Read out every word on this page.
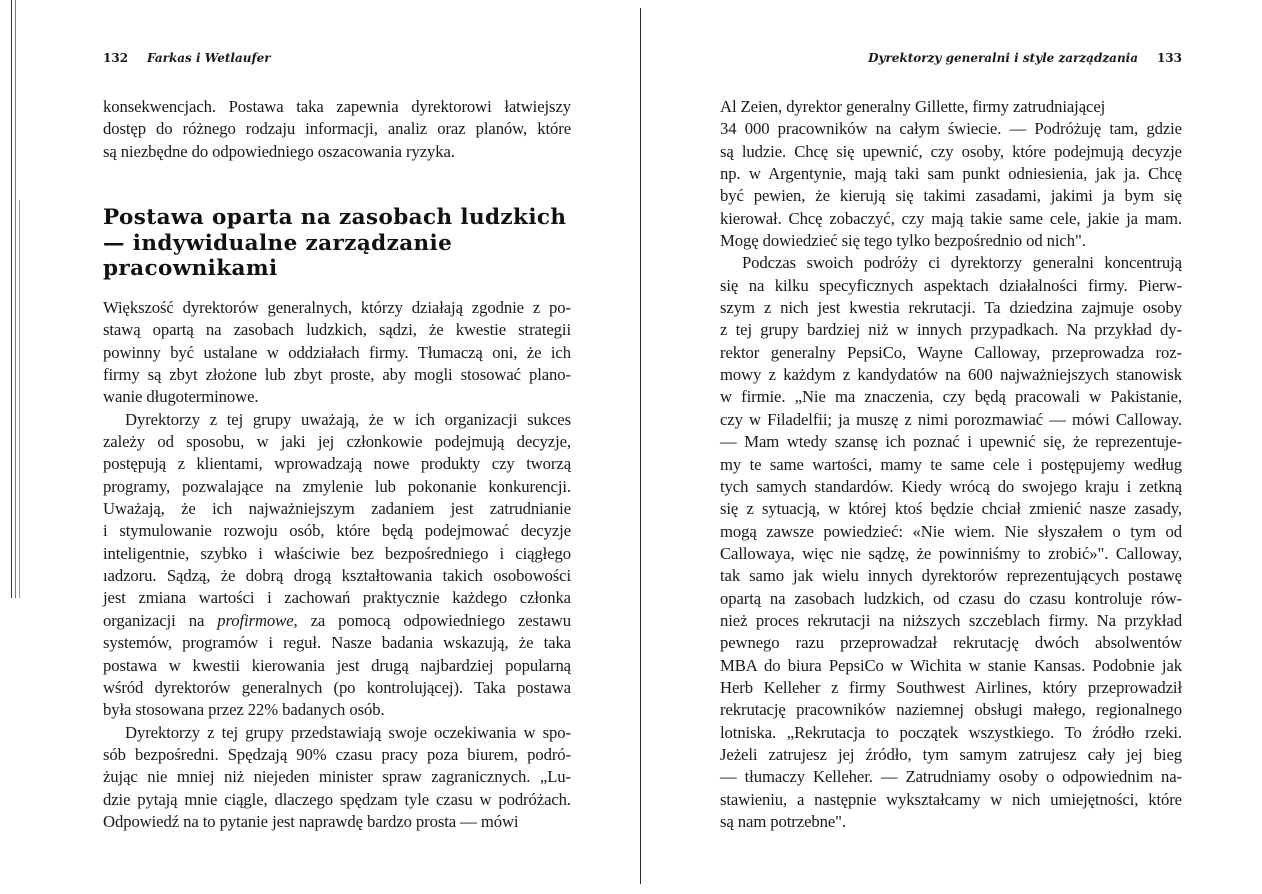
132 Farkas i Wetlaufer
konsekwencjach. Postawa taka zapewnia dyrektorowi łatwiejszy
dostęp do różnego rodzaju informacji, analiz oraz planów, które
są niezbędne do odpowiedniego oszacowania ryzyka.
Postawa oparta na zasobach ludzkich
— indywidualne zarządzanie
pracownikami
Większość dyrektorów generalnych, którzy działają zgodnie z po-
stawą opartą na zasobach ludzkich, sądzi, że kwestie strategii
powinny być ustalane w oddziałach firmy. Tłumaczą oni, że ich
firmy są zbyt złożone lub zbyt proste, aby mogli stosować plano-
wanie długoterminowe.
Dyrektorzy z tej grupy uważają, że w ich organizacji sukces
zależy od sposobu, w jaki jej członkowie podejmują decyzje,
postępują z klientami, wprowadzają nowe produkty czy tworzą
programy, pozwalające na zmylenie lub pokonanie konkurencji.
Uważają, że ich najważniejszym zadaniem jest zatrudnianie
i stymulowanie rozwoju osób, które będą podejmować decyzje
inteligentnie, szybko i właściwie bez bezpośredniego i ciągłego
ıadzoru. Sądzą, że dobrą drogą kształtowania takich osobowości
jest zmiana wartości i zachowań praktycznie każdego członka
organizacji na profirmowe, za pomocą odpowiedniego zestawu
systemów, programów i reguł. Nasze badania wskazują, że taka
postawa w kwestii kierowania jest drugą najbardziej popularną
wśród dyrektorów generalnych (po kontrolującej). Taka postawa
była stosowana przez 22% badanych osób.
Dyrektorzy z tej grupy przedstawiają swoje oczekiwania w spo-
sób bezpośredni. Spędzają 90% czasu pracy poza biurem, podró-
żując nie mniej niż niejeden minister spraw zagranicznych. „Lu-
dzie pytają mnie ciągle, dlaczego spędzam tyle czasu w podróżach.
Odpowiedź na to pytanie jest naprawdę bardzo prosta — mówi
Dyrektorzy generalni i style zarządzania 133
Al Zeien, dyrektor generalny Gillette, firmy zatrudniającej
34 000 pracowników na całym świecie. — Podróżuję tam, gdzie
są ludzie. Chcę się upewnić, czy osoby, które podejmują decyzje
np. w Argentynie, mają taki sam punkt odniesienia, jak ja. Chcę
być pewien, że kierują się takimi zasadami, jakimi ja bym się
kierował. Chcę zobaczyć, czy mają takie same cele, jakie ja mam.
Mogę dowiedzieć się tego tylko bezpośrednio od nich".
Podczas swoich podróży ci dyrektorzy generalni koncentrują
się na kilku specyficznych aspektach działalności firmy. Pierw-
szym z nich jest kwestia rekrutacji. Ta dziedzina zajmuje osoby
z tej grupy bardziej niż w innych przypadkach. Na przykład dy-
rektor generalny PepsiCo, Wayne Calloway, przeprowadza roz-
mowy z każdym z kandydatów na 600 najważniejszych stanowisk
w firmie. „Nie ma znaczenia, czy będą pracowali w Pakistanie,
czy w Filadelfii; ja muszę z nimi porozmawiać — mówi Calloway.
— Mam wtedy szansę ich poznać i upewnić się, że reprezentuje-
my te same wartości, mamy te same cele i postępujemy według
tych samych standardów. Kiedy wrócą do swojego kraju i zetkną
się z sytuacją, w której ktoś będzie chciał zmienić nasze zasady,
mogą zawsze powiedzieć: «Nie wiem. Nie słyszałem o tym od
Callowaya, więc nie sądzę, że powinniśmy to zrobić»". Calloway,
tak samo jak wielu innych dyrektorów reprezentujących postawę
opartą na zasobach ludzkich, od czasu do czasu kontroluje rów-
nież proces rekrutacji na niższych szczeblach firmy. Na przykład
pewnego razu przeprowadzał rekrutację dwóch absolwentów
MBA do biura PepsiCo w Wichita w stanie Kansas. Podobnie jak
Herb Kelleher z firmy Southwest Airlines, który przeprowadził
rekrutację pracowników naziemnej obsługi małego, regionalnego
lotniska. „Rekrutacja to początek wszystkiego. To źródło rzeki.
Jeżeli zatrujesz jej źródło, tym samym zatrujesz cały jej bieg
— tłumaczy Kelleher. — Zatrudniamy osoby o odpowiednim na-
stawieniu, a następnie wykształcamy w nich umiejętności, które
są nam potrzebne".
